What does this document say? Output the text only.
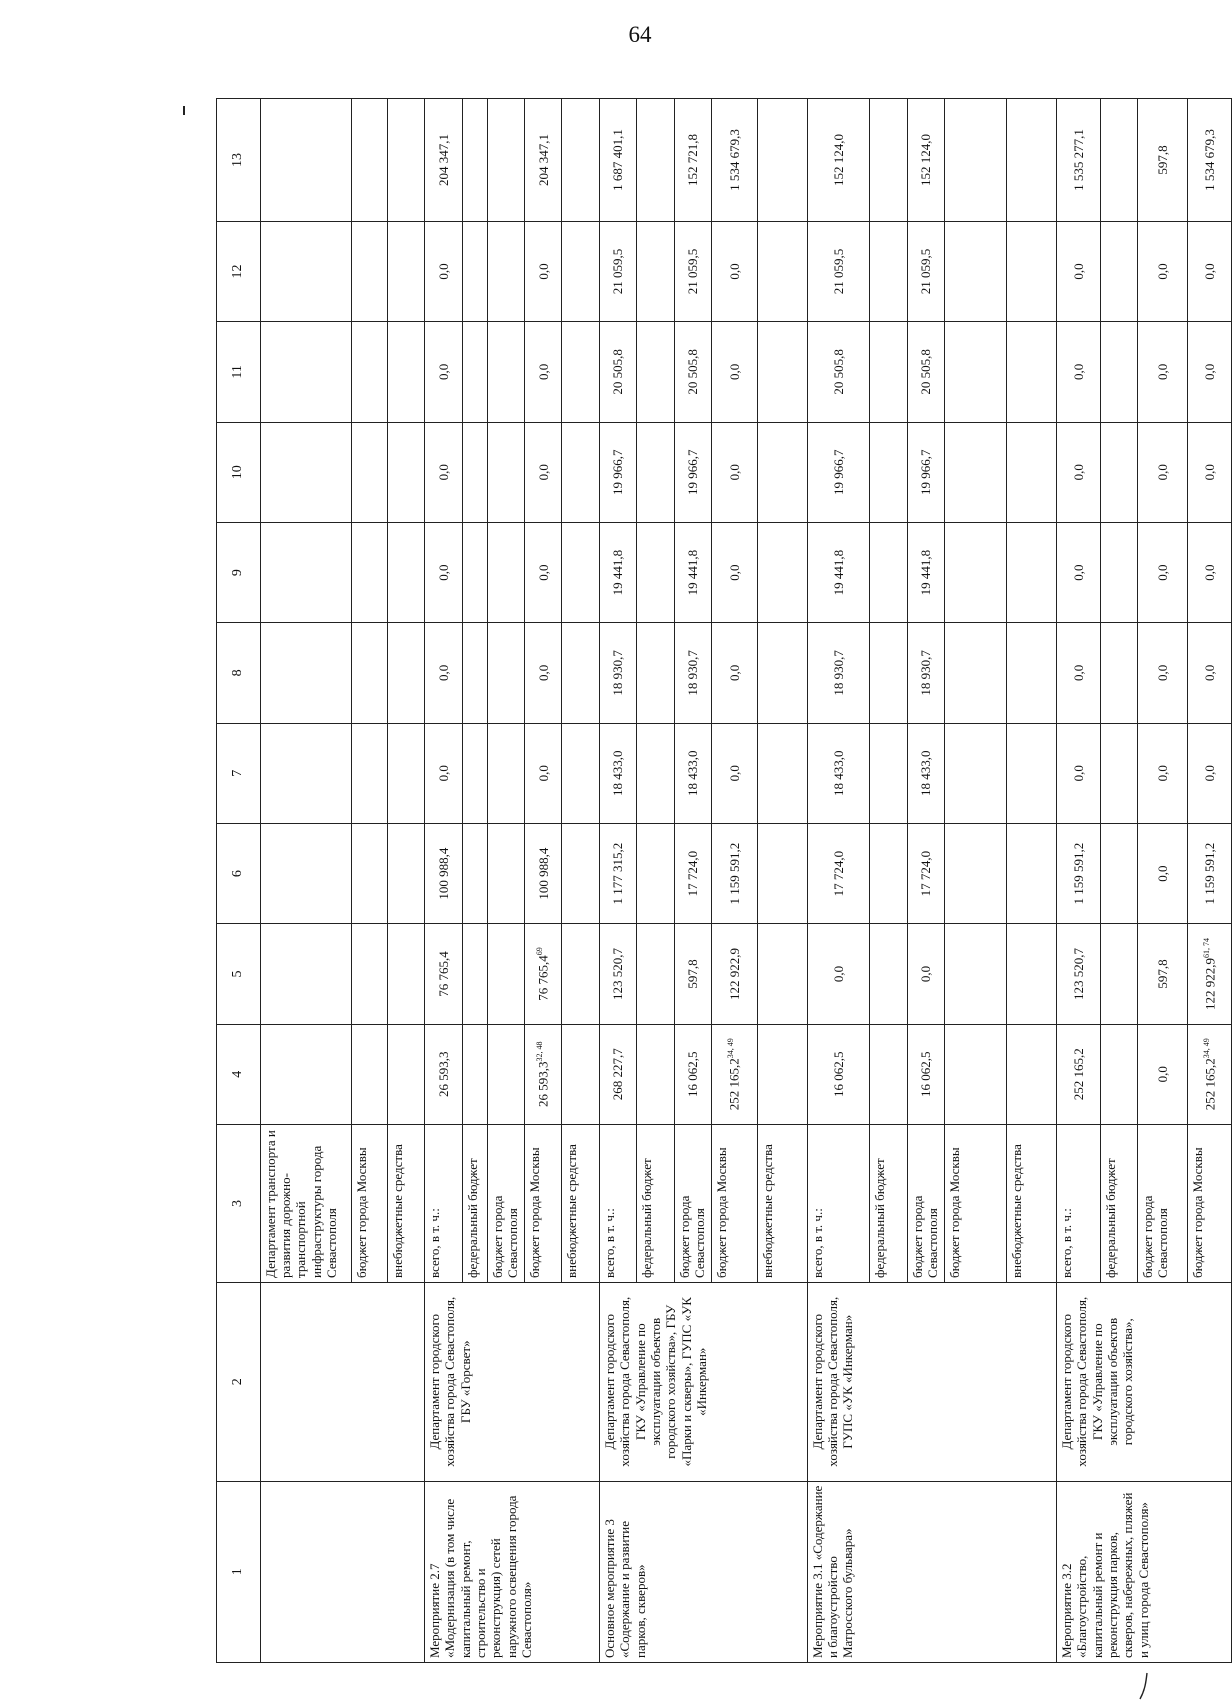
64
1	2	3	4	5	6	7	8	9	10	11	12	13
		Департамент транспорта и развития дорожно-транспортной инфраструктуры города Севастополя										
		бюджет города Москвы										
		внебюджетные средства										
Мероприятие 2.7 «Модернизация (в том числе капитальный ремонт, строительство и реконструкция) сетей наружного освещения города Севастополя»	Департамент городского хозяйства города Севастополя, ГБУ «Горсвет»	всего, в т. ч.:	26 593,3	76 765,4	100 988,4	0,0	0,0	0,0	0,0	0,0	0,0	204 347,1
		федеральный бюджет										
		бюджет города Севастополя										
		бюджет города Москвы	26 593,3$^{32, 48}$	76 765,4$^{69}$	100 988,4	0,0	0,0	0,0	0,0	0,0	0,0	204 347,1
		внебюджетные средства										
Основное мероприятие 3 «Содержание и развитие парков, скверов»	Департамент городского хозяйства города Севастополя, ГКУ «Управление по эксплуатации объектов городского хозяйства», ГБУ «Парки и скверы», ГУПС «УК «Инкерман»	всего, в т. ч.:	268 227,7	123 520,7	1 177 315,2	18 433,0	18 930,7	19 441,8	19 966,7	20 505,8	21 059,5	1 687 401,1
		федеральный бюджет										
		бюджет города Севастополя	16 062,5	597,8	17 724,0	18 433,0	18 930,7	19 441,8	19 966,7	20 505,8	21 059,5	152 721,8
		бюджет города Москвы	252 165,2$^{34, 49}$	122 922,9	1 159 591,2	0,0	0,0	0,0	0,0	0,0	0,0	1 534 679,3
		внебюджетные средства										
Мероприятие 3.1 «Содержание и благоустройство Матросского бульвара»	Департамент городского хозяйства города Севастополя, ГУПС «УК «Инкерман»	всего, в т. ч.:	16 062,5	0,0	17 724,0	18 433,0	18 930,7	19 441,8	19 966,7	20 505,8	21 059,5	152 124,0
		федеральный бюджет										
		бюджет города Севастополя	16 062,5	0,0	17 724,0	18 433,0	18 930,7	19 441,8	19 966,7	20 505,8	21 059,5	152 124,0
		бюджет города Москвы										
		внебюджетные средства										
Мероприятие 3.2 «Благоустройство, капитальный ремонт и реконструкция парков, скверов, набережных, пляжей и улиц города Севастополя»	Департамент городского хозяйства города Севастополя, ГКУ «Управление по эксплуатации объектов городского хозяйства»,	всего, в т. ч.:	252 165,2	123 520,7	1 159 591,2	0,0	0,0	0,0	0,0	0,0	0,0	1 535 277,1
		федеральный бюджет										
		бюджет города Севастополя	0,0	597,8	0,0	0,0	0,0	0,0	0,0	0,0	0,0	597,8
		бюджет города Москвы	252 165,2$^{34, 49}$	122 922,9$^{61, 74}$	1 159 591,2	0,0	0,0	0,0	0,0	0,0	0,0	1 534 679,3
